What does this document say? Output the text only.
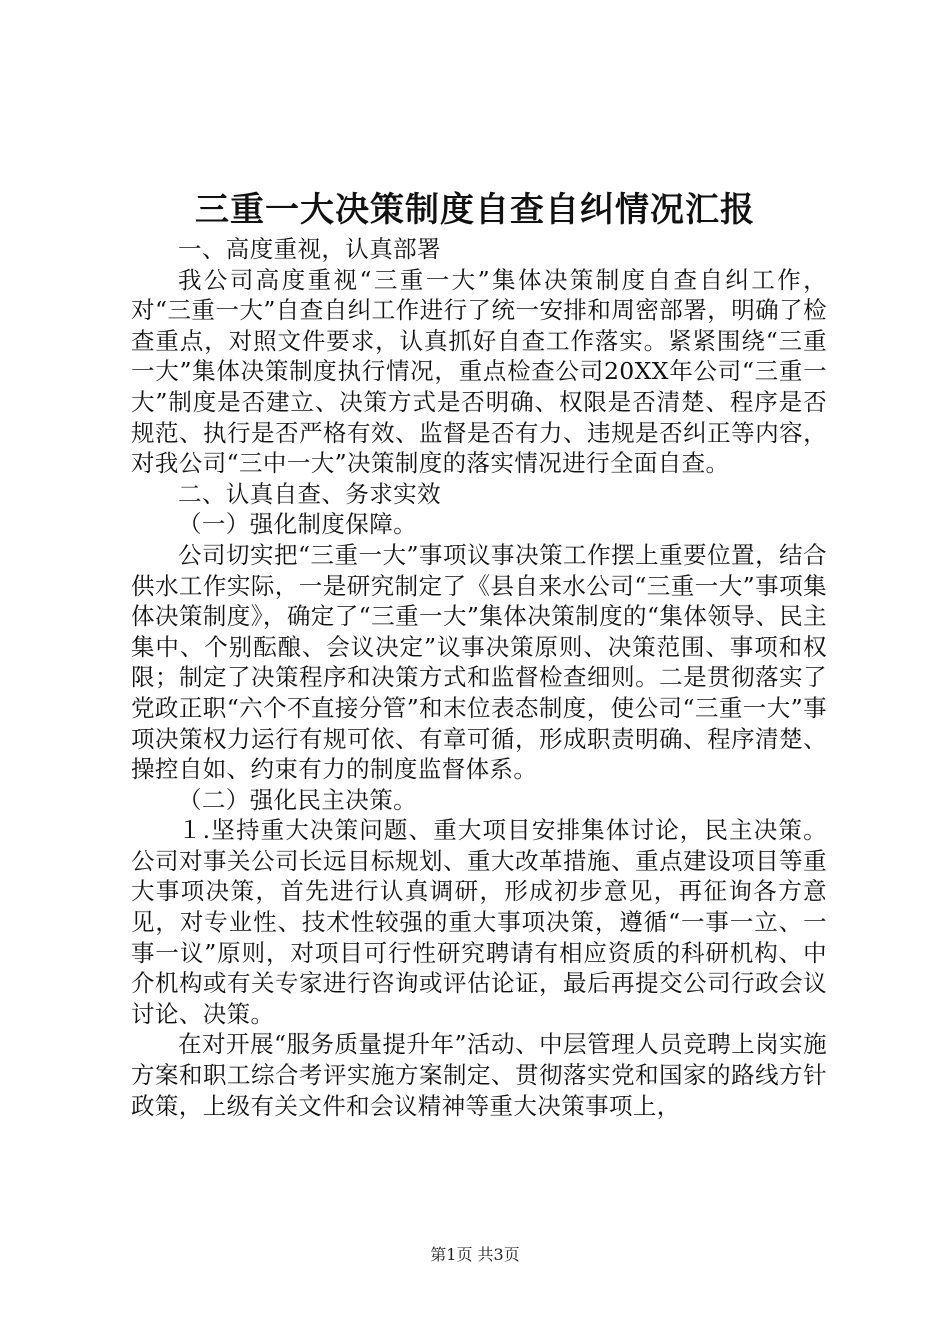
三重一大决策制度自查自纠情况汇报

一、高度重视，认真部署

我公司高度重视“三重一大”集体决策制度自查自纠工作，对“三重一大”自查自纠工作进行了统一安排和周密部署，明确了检查重点，对照文件要求，认真抓好自查工作落实。紧紧围绕“三重一大”集体决策制度执行情况，重点检查公司20XX年公司“三重一大”制度是否建立、决策方式是否明确、权限是否清楚、程序是否规范、执行是否严格有效、监督是否有力、违规是否纠正等内容，对我公司“三中一大”决策制度的落实情况进行全面自查。

二、认真自查、务求实效

（一）强化制度保障。

公司切实把“三重一大”事项议事决策工作摆上重要位置，结合供水工作实际，一是研究制定了《县自来水公司“三重一大”事项集体决策制度》，确定了“三重一大”集体决策制度的“集体领导、民主集中、个别酝酿、会议决定”议事决策原则、决策范围、事项和权限；制定了决策程序和决策方式和监督检查细则。二是贯彻落实了党政正职“六个不直接分管”和末位表态制度，使公司“三重一大”事项决策权力运行有规可依、有章可循，形成职责明确、程序清楚、操控自如、约束有力的制度监督体系。

（二）强化民主决策。

１.坚持重大决策问题、重大项目安排集体讨论，民主决策。公司对事关公司长远目标规划、重大改革措施、重点建设项目等重大事项决策，首先进行认真调研，形成初步意见，再征询各方意见，对专业性、技术性较强的重大事项决策，遵循“一事一立、一事一议”原则，对项目可行性研究聘请有相应资质的科研机构、中介机构或有关专家进行咨询或评估论证，最后再提交公司行政会议讨论、决策。

在对开展“服务质量提升年”活动、中层管理人员竞聘上岗实施方案和职工综合考评实施方案制定、贯彻落实党和国家的路线方针政策，上级有关文件和会议精神等重大决策事项上，

第1页 共3页
